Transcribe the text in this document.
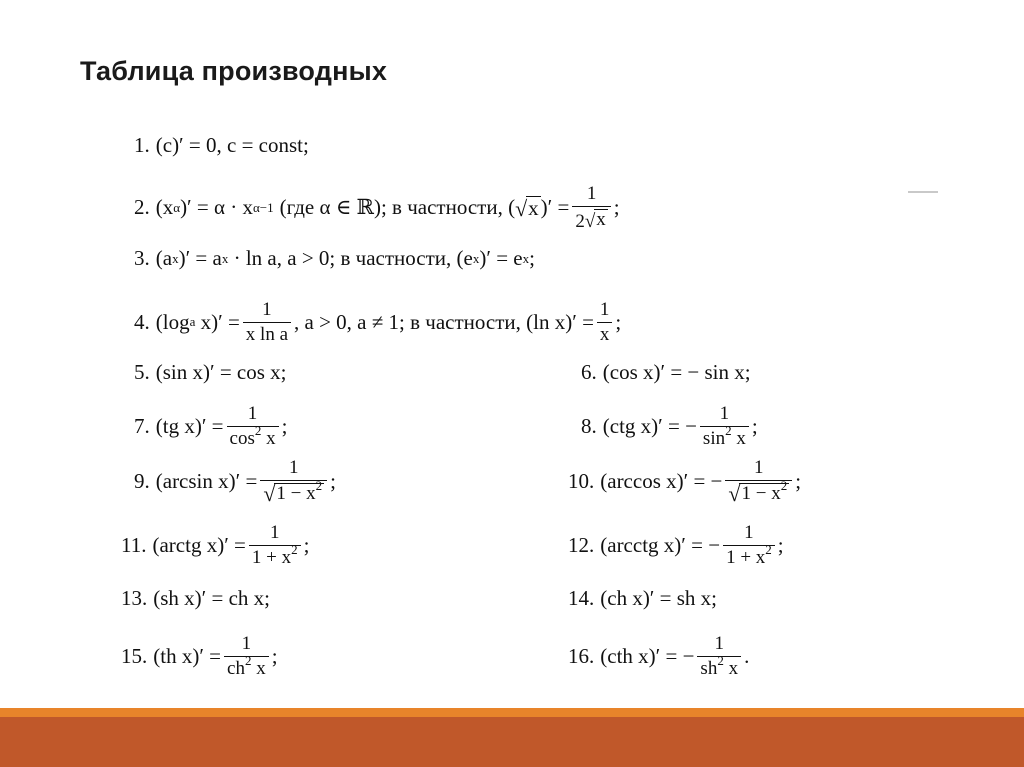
Таблица производных
1. (c)′ = 0, c = const;
2. (x α )′ = α · x α−1 (где α ∈ ℝ); в частности, ( √ x )′ = $\frac{1}{2 √ x}$ ;
3. (a x )′ = a x · ln a, a > 0; в частности, (e x )′ = e x ;
4. (log a $x)' = \frac{1}{\text{x ln a}}$ , a > 0, a ≠ 1; в частности, (ln $x)' = \frac{1}{x}$ ;
5. (sin x)′ = cos x;	6. (cos x)′ = − sin x;
7. (tg $x)' = \frac{1}{\cos^2 x}$ ;	8. (ctg x)′ = − $\frac{1}{\sin^2 x}$ ;
9. (arcsin $x)' = \frac{1}{√ 1 - x^2}$ ;	10. (arccos x)′ = − $\frac{1}{√ 1 - x^2}$ ;
11. (arctg $x)' = \frac{1}{1 + x^2}$ ;	12. (arcctg x)′ = − $\frac{1}{1 + x^2}$ ;
13. (sh x)′ = ch x;	14. (ch x)′ = sh x;
15. (th $x)' = \frac{1}{ch^2 x}$ ;	16. (cth x)′ = − $\frac{1}{sh^2 x}$ .
